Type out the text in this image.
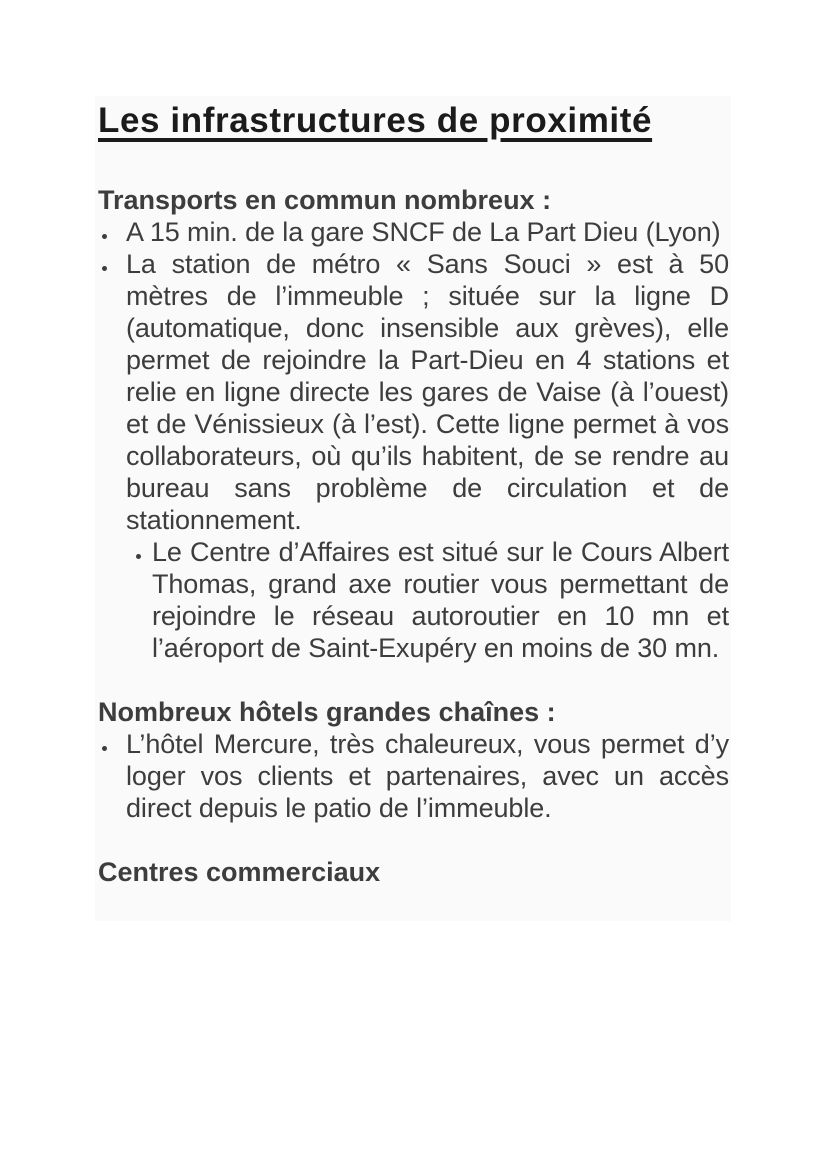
Les infrastructures de proximité
Transports en commun nombreux :
A 15 min. de la gare SNCF de La Part Dieu (Lyon)
La station de métro « Sans Souci » est à 50 mètres de l’immeuble ; située sur la ligne D (automatique, donc insensible aux grèves), elle permet de rejoindre la Part-Dieu en 4 stations et relie en ligne directe les gares de Vaise (à l’ouest) et de Vénissieux (à l’est). Cette ligne permet à vos collaborateurs, où qu’ils habitent, de se rendre au bureau sans problème de circulation et de stationnement.
Le Centre d’Affaires est situé sur le Cours Albert Thomas, grand axe routier vous permettant de rejoindre le réseau autoroutier en 10 mn et l’aéroport de Saint-Exupéry en moins de 30 mn.
Nombreux hôtels grandes chaînes :
L’hôtel Mercure, très chaleureux, vous permet d’y loger vos clients et partenaires, avec un accès direct depuis le patio de l’immeuble.
Centres commerciaux
